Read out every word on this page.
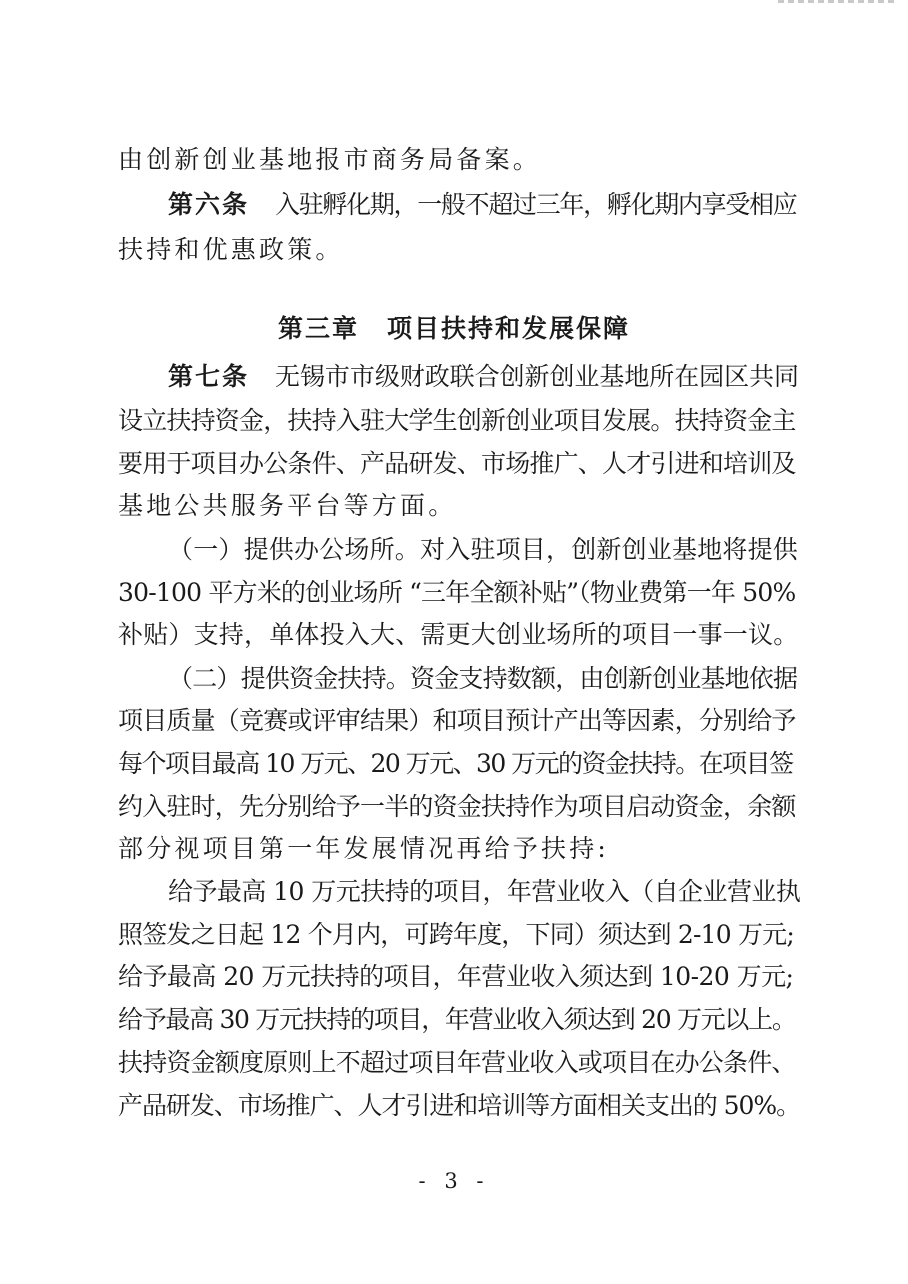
由创新创业基地报市商务局备案。
第六条 入驻孵化期，一般不超过三年，孵化期内享受相应
扶持和优惠政策。
第三章 项目扶持和发展保障
第七条 无锡市市级财政联合创新创业基地所在园区共同
设立扶持资金，扶持入驻大学生创新创业项目发展。扶持资金主
要用于项目办公条件、产品研发、市场推广、人才引进和培训及
基地公共服务平台等方面。
（一）提供办公场所。对入驻项目，创新创业基地将提供
30-100 平方米的创业场所 “三年全额补贴”（物业费第一年 50%
补贴）支持，单体投入大、需更大创业场所的项目一事一议。
（二）提供资金扶持。资金支持数额，由创新创业基地依据
项目质量（竞赛或评审结果）和项目预计产出等因素，分别给予
每个项目最高 10 万元、20 万元、30 万元的资金扶持。在项目签
约入驻时，先分别给予一半的资金扶持作为项目启动资金，余额
部分视项目第一年发展情况再给予扶持:
给予最高 10 万元扶持的项目，年营业收入（自企业营业执
照签发之日起 12 个月内，可跨年度，下同）须达到 2-10 万元;
给予最高 20 万元扶持的项目，年营业收入须达到 10-20 万元;
给予最高 30 万元扶持的项目，年营业收入须达到 20 万元以上。
扶持资金额度原则上不超过项目年营业收入或项目在办公条件、
产品研发、市场推广、人才引进和培训等方面相关支出的 50%。
- 3 -
